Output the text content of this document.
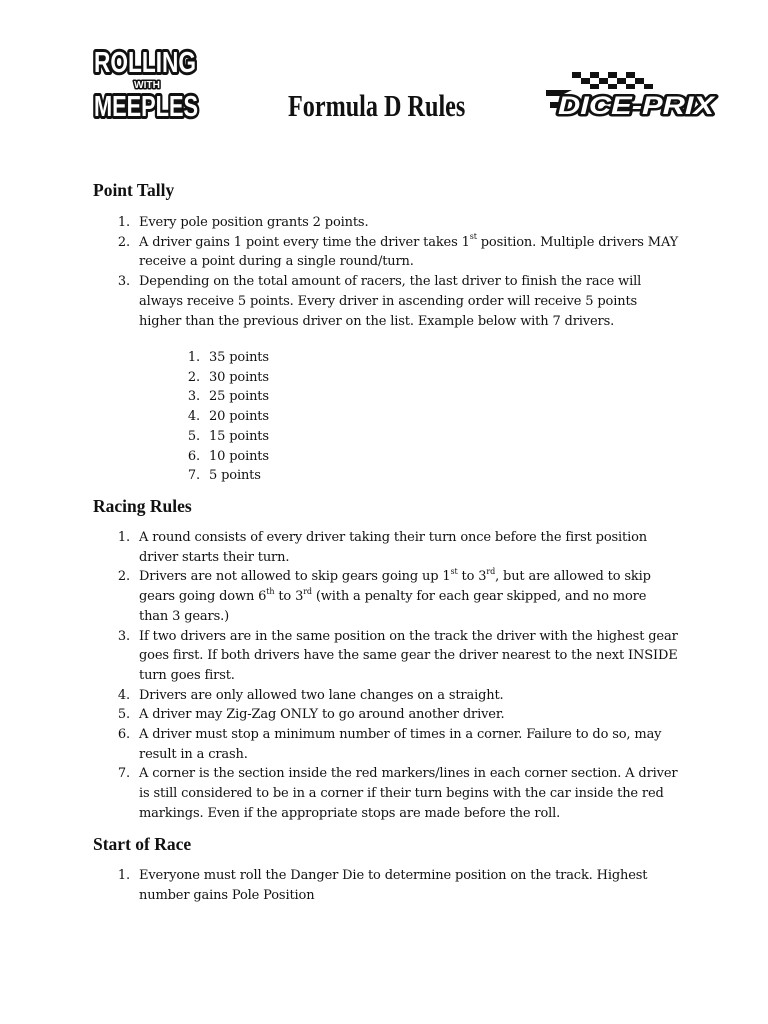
ROLLING
WITH
MEEPLES	Formula D Rules	DICE-PRIX
Point Tally
1. Every pole position grants 2 points.
2. A driver gains 1 point every time the driver takes 1st position. Multiple drivers MAY receive a point during a single round/turn.
3. Depending on the total amount of racers, the last driver to finish the race will always receive 5 points. Every driver in ascending order will receive 5 points higher than the previous driver on the list. Example below with 7 drivers.
1. 35 points
2. 30 points
3. 25 points
4. 20 points
5. 15 points
6. 10 points
7. 5 points
Racing Rules
1. A round consists of every driver taking their turn once before the first position driver starts their turn.
2. Drivers are not allowed to skip gears going up 1st to 3rd, but are allowed to skip gears going down 6th to 3rd (with a penalty for each gear skipped, and no more than 3 gears.)
3. If two drivers are in the same position on the track the driver with the highest gear goes first. If both drivers have the same gear the driver nearest to the next INSIDE turn goes first.
4. Drivers are only allowed two lane changes on a straight.
5. A driver may Zig-Zag ONLY to go around another driver.
6. A driver must stop a minimum number of times in a corner. Failure to do so, may result in a crash.
7. A corner is the section inside the red markers/lines in each corner section. A driver is still considered to be in a corner if their turn begins with the car inside the red markings. Even if the appropriate stops are made before the roll.
Start of Race
1. Everyone must roll the Danger Die to determine position on the track. Highest number gains Pole Position
